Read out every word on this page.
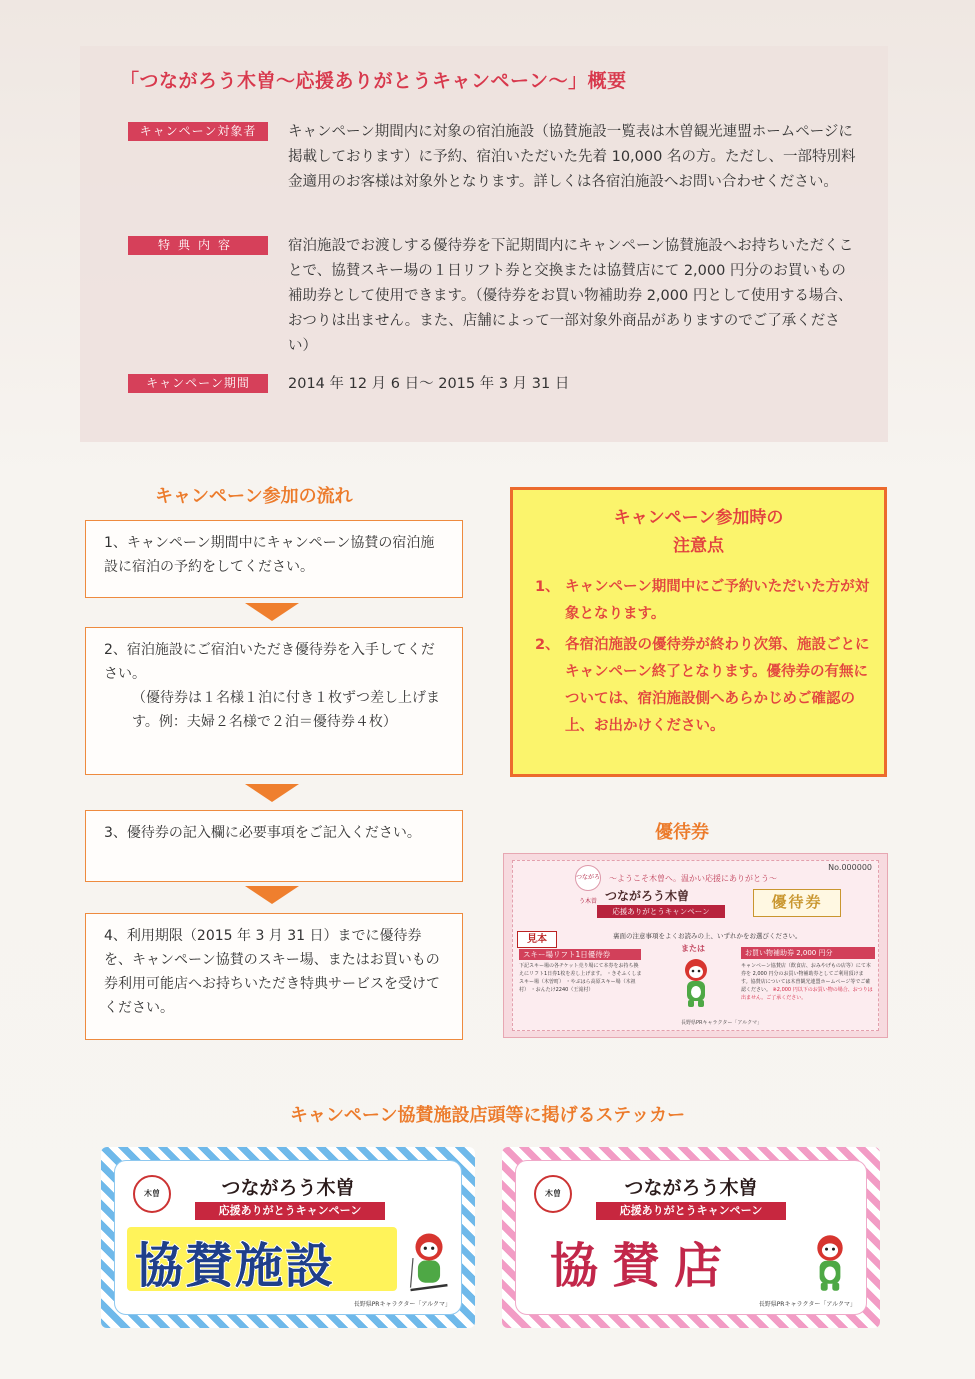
「つながろう木曽～応援ありがとうキャンペーン～」概要
キャンペーン対象者	キャンペーン期間内に対象の宿泊施設（協賛施設一覧表は木曽観光連盟ホームページに掲載しております）に予約、宿泊いただいた先着 10,000 名の方。ただし、一部特別料金適用のお客様は対象外となります。詳しくは各宿泊施設へお問い合わせください。

特典内容	宿泊施設でお渡しする優待券を下記期間内にキャンペーン協賛施設へお持ちいただくことで、協賛スキー場の１日リフト券と交換または協賛店にて 2,000 円分のお買いもの補助券として使用できます。（優待券をお買い物補助券 2,000 円として使用する場合、おつりは出ません。また、店舗によって一部対象外商品がありますのでご了承ください）

キャンペーン期間	2014 年 12 月 6 日～ 2015 年 3 月 31 日

キャンペーン参加の流れ
1、キャンペーン期間中にキャンペーン協賛の宿泊施設に宿泊の予約をしてください。
2、宿泊施設にご宿泊いただき優待券を入手してください。
（優待券は１名様１泊に付き１枚ずつ差し上げます。例：夫婦２名様で２泊＝優待券４枚）
3、優待券の記入欄に必要事項をご記入ください。
4、利用期限（2015 年 3 月 31 日）までに優待券を、キャンペーン協賛のスキー場、またはお買いもの券利用可能店へお持ちいただき特典サービスを受けてください。
キャンペーン参加時の
注意点
1、 キャンペーン期間中にご予約いただいた方が対象となります。
2、 各宿泊施設の優待券が終わり次第、施設ごとにキャンペーン終了となります。優待券の有無については、宿泊施設側へあらかじめご確認の上、お出かけください。
優待券
No.000000
つながろう木曽
～ようこそ木曽へ。温かい応援にありがとう～
つながろう木曽
応援ありがとうキャンペーン
優待券
見本	裏面の注意事項をよくお読みの上、いずれかをお選びください。
スキー場リフト1日優待券
下記スキー場の各チケット売り場にて本券をお持ち換えにリフト1日券1枚を差し上げます。 ・きそふくしまスキー場（木曽町） ・やぶはら高原スキー場（木祖村） ・おんたけ2240（王滝村）
または	お買い物補助券 2,000 円分
キャンペーン協賛店（飲食店、おみやげもの店等）にて本券を 2,000 円分のお買い物補助券としてご利用頂けます。協賛店については木曽観光連盟ホームページ等でご確認ください。 ※2,000 円以下のお買い物の場合、おつりは出ません。ご了承ください。
長野県PRキャラクター「アルクマ」
キャンペーン協賛施設店頭等に掲げるステッカー
木曽	つながろう木曽
応援ありがとうキャンペーン
協賛施設
長野県PRキャラクター「アルクマ」
木曽	つながろう木曽
応援ありがとうキャンペーン
協賛店
長野県PRキャラクター「アルクマ」
